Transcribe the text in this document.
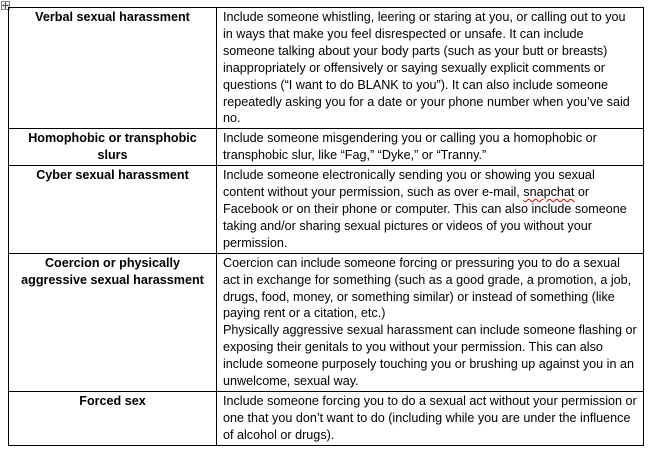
Verbal sexual harassment	Include someone whistling, leering or staring at you, or calling out to you in ways that make you feel disrespected or unsafe. It can include someone talking about your body parts (such as your butt or breasts) inappropriately or offensively or saying sexually explicit comments or questions (“I want to do BLANK to you”). It can also include someone repeatedly asking you for a date or your phone number when you’ve said no.
Homophobic or transphobic slurs	Include someone misgendering you or calling you a homophobic or transphobic slur, like “Fag,” “Dyke,” or “Tranny.”
Cyber sexual harassment	Include someone electronically sending you or showing you sexual content without your permission, such as over e-mail, snapchat or Facebook or on their phone or computer. This can also include someone taking and/or sharing sexual pictures or videos of you without your permission.
Coercion or physically aggressive sexual harassment	Coercion can include someone forcing or pressuring you to do a sexual act in exchange for something (such as a good grade, a promotion, a job, drugs, food, money, or something similar) or instead of something (like paying rent or a citation, etc.)

Physically aggressive sexual harassment can include someone flashing or exposing their genitals to you without your permission. This can also include someone purposely touching you or brushing up against you in an unwelcome, sexual way.

Forced sex	Include someone forcing you to do a sexual act without your permission or one that you don’t want to do (including while you are under the influence of alcohol or drugs).
